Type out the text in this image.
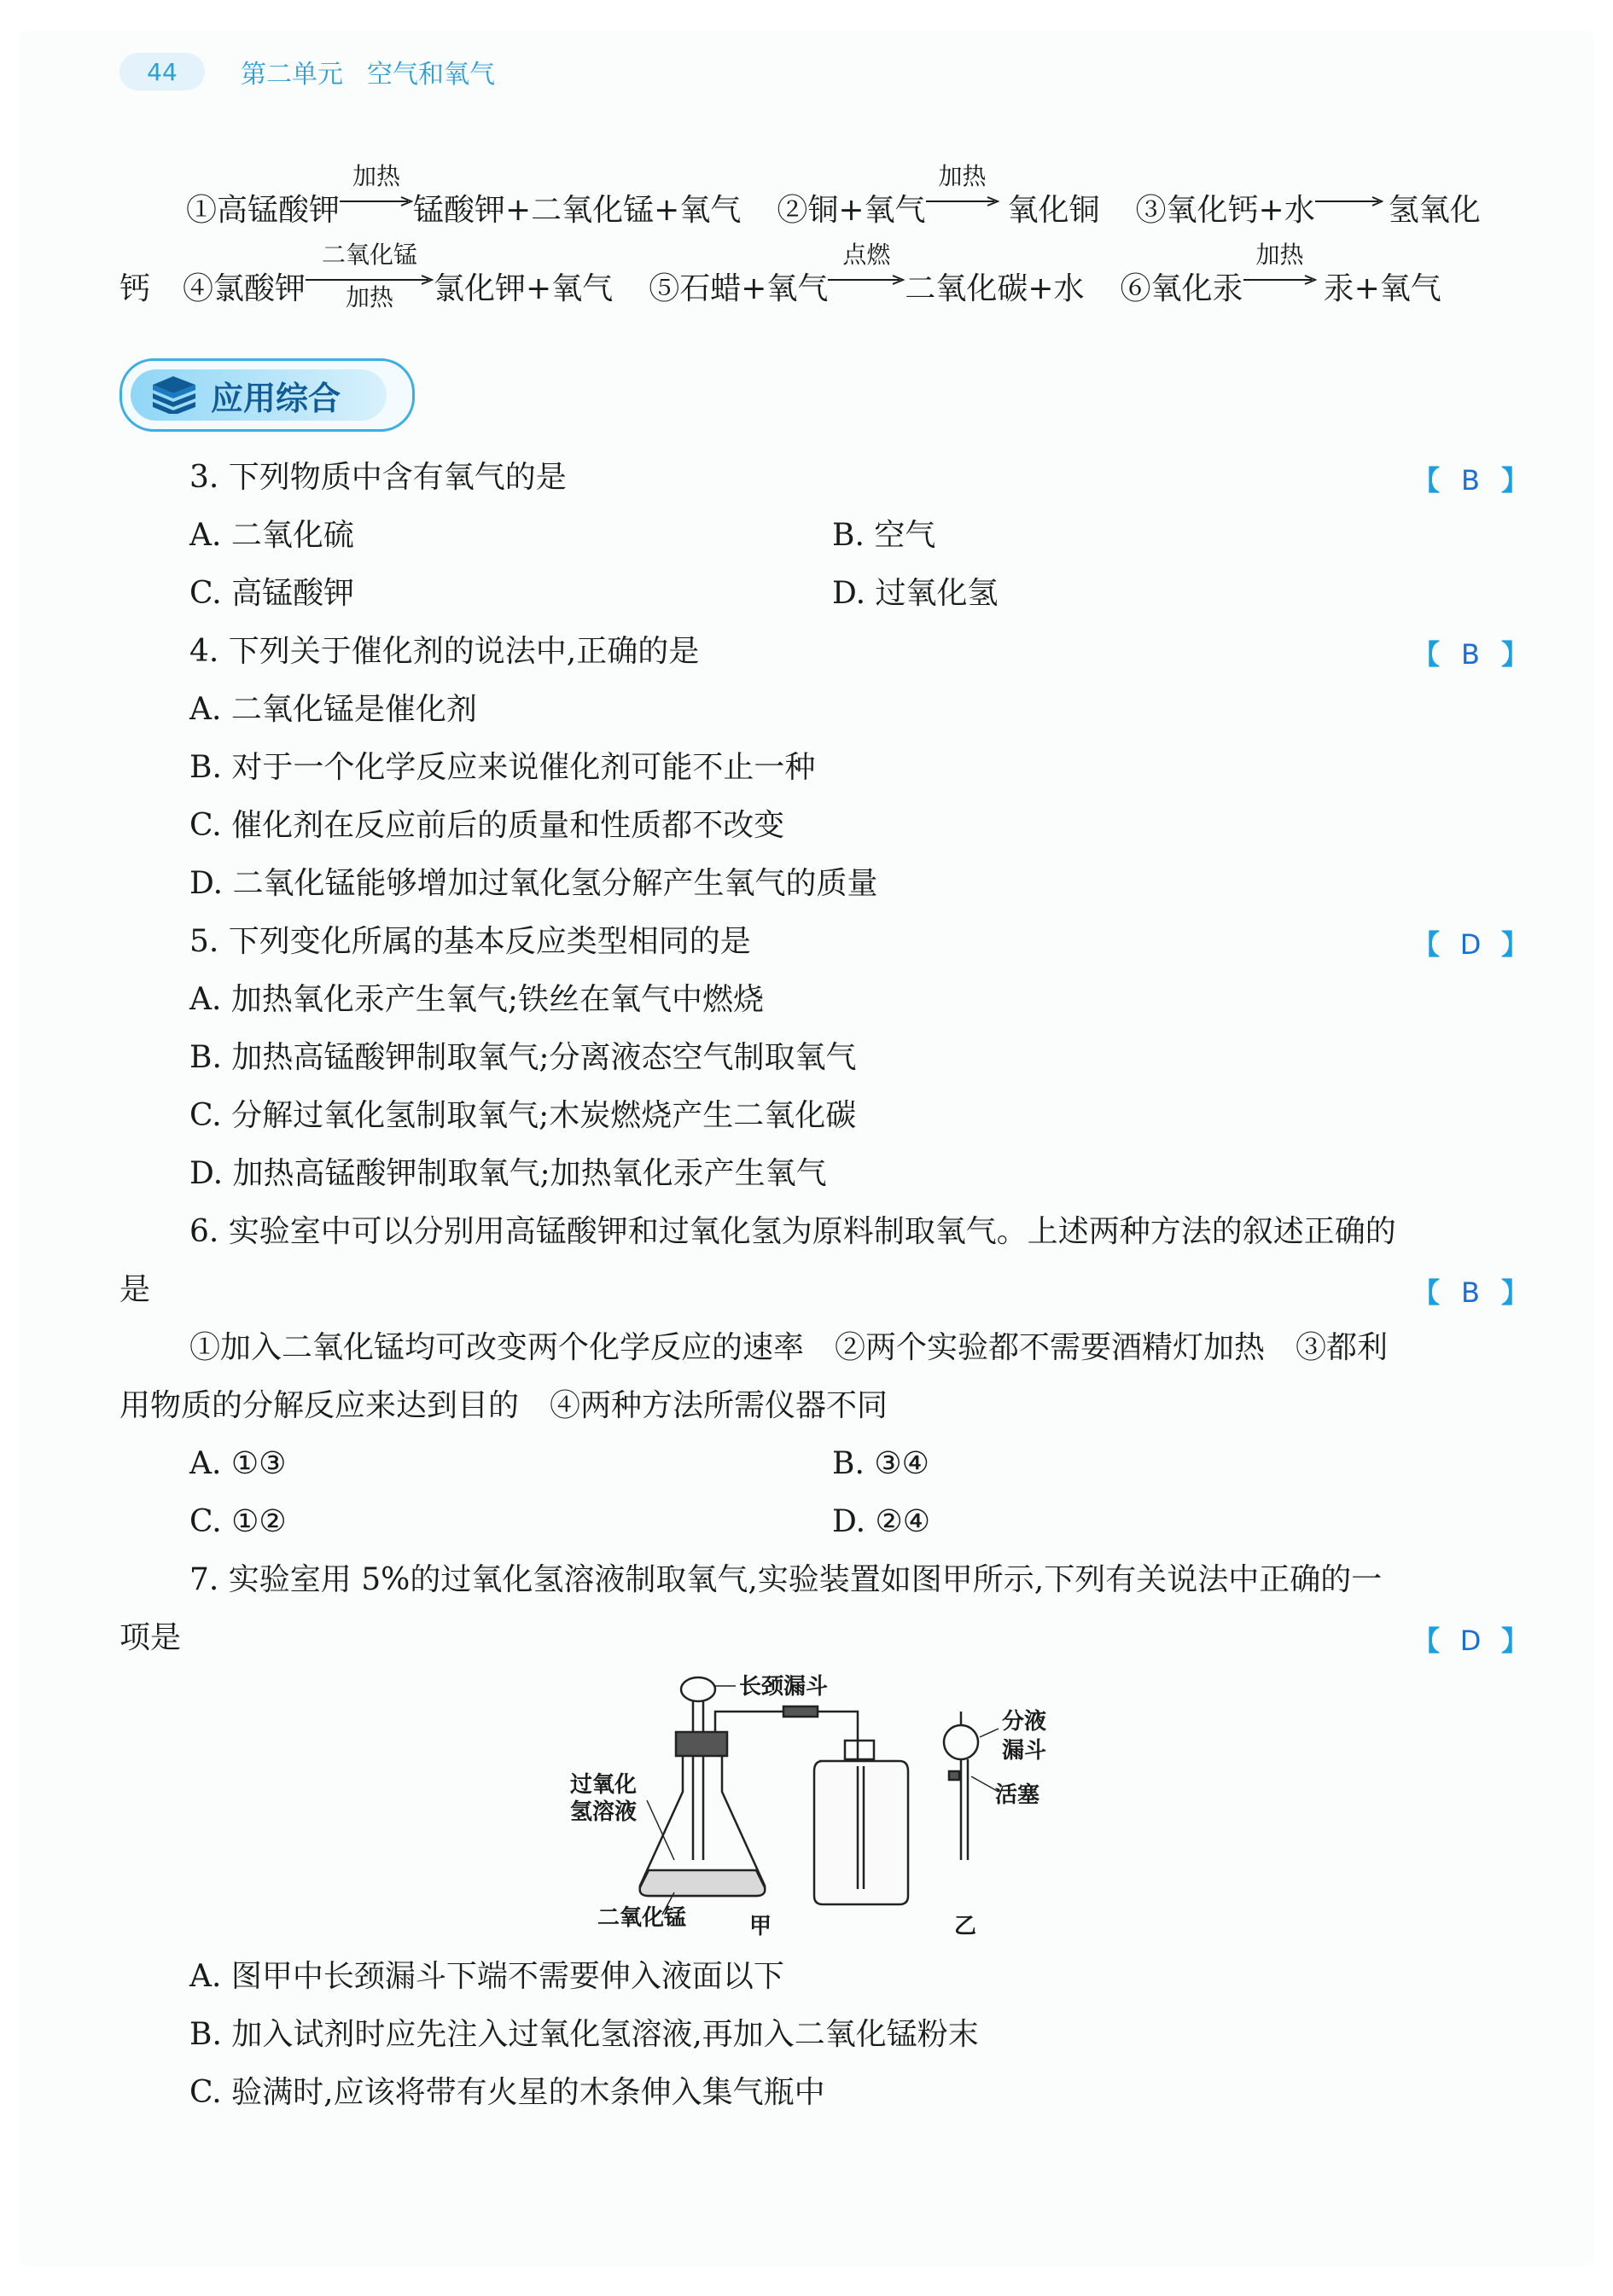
44	第二单元 空气和氧气
①高锰酸钾
加热
锰酸钾+二氧化锰+氧气 ②铜+氧气
加热
氧化铜 ③氧化钙+水→ 氢氧化
钙 ④氯酸钾
二氧化锰
加热	氯化钾+氧气 ⑤石蜡+氧气
点燃
二氧化碳+水 ⑥氧化汞
加热
汞+氧气
应用综合
3. 下列物质中含有氧气的是	【 B 】
A. 二氧化硫	B. 空气
C. 高锰酸钾	D. 过氧化氢
4. 下列关于催化剂的说法中,正确的是	【 B 】
A. 二氧化锰是催化剂
B. 对于一个化学反应来说催化剂可能不止一种
C. 催化剂在反应前后的质量和性质都不改变
D. 二氧化锰能够增加过氧化氢分解产生氧气的质量
5. 下列变化所属的基本反应类型相同的是	【 D 】
A. 加热氧化汞产生氧气;铁丝在氧气中燃烧
B. 加热高锰酸钾制取氧气;分离液态空气制取氧气
C. 分解过氧化氢制取氧气;木炭燃烧产生二氧化碳
D. 加热高锰酸钾制取氧气;加热氧化汞产生氧气
6. 实验室中可以分别用高锰酸钾和过氧化氢为原料制取氧气。上述两种方法的叙述正确的
是	【 B 】
①加入二氧化锰均可改变两个化学反应的速率　②两个实验都不需要酒精灯加热　③都利
用物质的分解反应来达到目的　④两种方法所需仪器不同
A. ①③	B. ③④
C. ①②	D. ②④
7. 实验室用 5%的过氧化氢溶液制取氧气,实验装置如图甲所示,下列有关说法中正确的一
项是	【 D 】
长颈漏斗
过氧化
氢溶液
二氧化锰	甲
分液
漏斗
活塞
乙
A. 图甲中长颈漏斗下端不需要伸入液面以下
B. 加入试剂时应先注入过氧化氢溶液,再加入二氧化锰粉末
C. 验满时,应该将带有火星的木条伸入集气瓶中
